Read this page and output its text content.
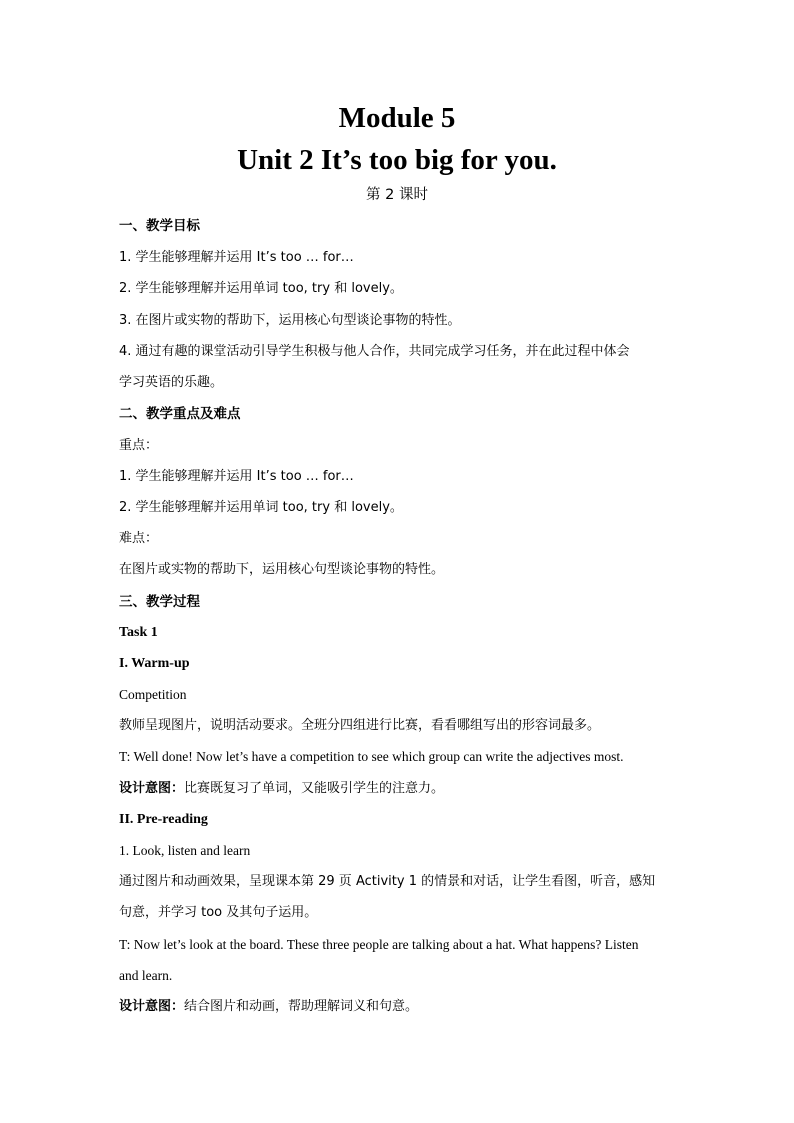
Module 5
Unit 2 It’s too big for you.
第 2 课时
一、教学目标
1. 学生能够理解并运用 It’s too … for…
2. 学生能够理解并运用单词 too, try 和 lovely。
3. 在图片或实物的帮助下，运用核心句型谈论事物的特性。
4. 通过有趣的课堂活动引导学生积极与他人合作，共同完成学习任务，并在此过程中体会
学习英语的乐趣。
二、教学重点及难点
重点：
1. 学生能够理解并运用 It’s too … for…
2. 学生能够理解并运用单词 too, try 和 lovely。
难点：
在图片或实物的帮助下，运用核心句型谈论事物的特性。
三、教学过程
Task 1
I. Warm-up
Competition
教师呈现图片，说明活动要求。全班分四组进行比赛，看看哪组写出的形容词最多。
T: Well done! Now let’s have a competition to see which group can write the adjectives most.
设计意图：比赛既复习了单词，又能吸引学生的注意力。
II. Pre-reading
1. Look, listen and learn
通过图片和动画效果，呈现课本第 29 页 Activity 1 的情景和对话，让学生看图，听音，感知
句意，并学习 too 及其句子运用。
T: Now let’s look at the board. These three people are talking about a hat. What happens? Listen
and learn.
设计意图：结合图片和动画，帮助理解词义和句意。
